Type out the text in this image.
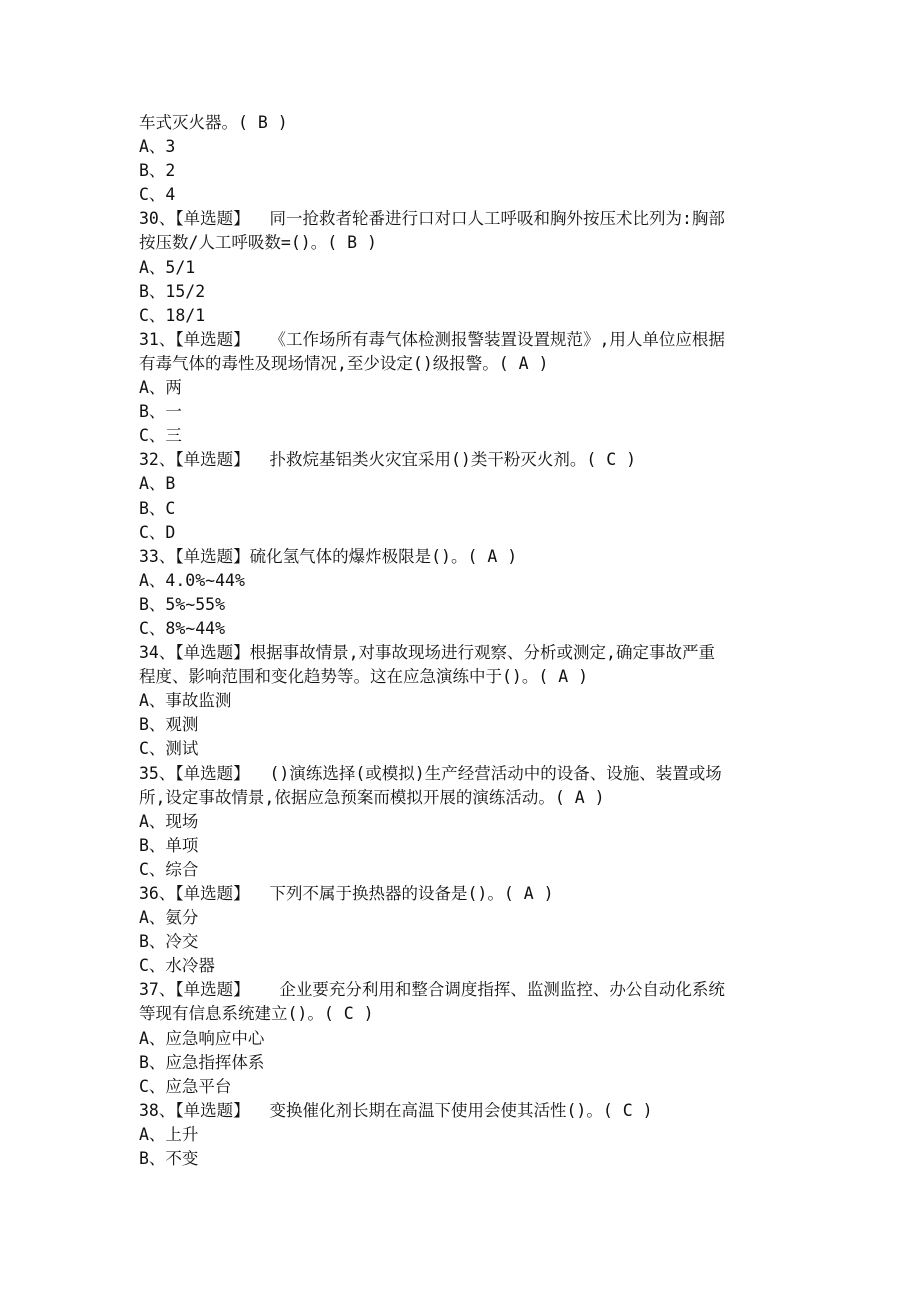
车式灭火器。( B )
A、3
B、2
C、4
30、【单选题】  同一抢救者轮番进行口对口人工呼吸和胸外按压术比列为:胸部
按压数/人工呼吸数=()。( B )
A、5/1
B、15/2
C、18/1
31、【单选题】  《工作场所有毒气体检测报警装置设置规范》,用人单位应根据
有毒气体的毒性及现场情况,至少设定()级报警。( A )
A、两
B、一
C、三
32、【单选题】  扑救烷基铝类火灾宜采用()类干粉灭火剂。( C )
A、B
B、C
C、D
33、【单选题】硫化氢气体的爆炸极限是()。( A )
A、4.0%~44%
B、5%~55%
C、8%~44%
34、【单选题】根据事故情景,对事故现场进行观察、分析或测定,确定事故严重
程度、影响范围和变化趋势等。这在应急演练中于()。( A )
A、事故监测
B、观测
C、测试
35、【单选题】  ()演练选择(或模拟)生产经营活动中的设备、设施、装置或场
所,设定事故情景,依据应急预案而模拟开展的演练活动。( A )
A、现场
B、单项
C、综合
36、【单选题】  下列不属于换热器的设备是()。( A )
A、氨分
B、冷交
C、水冷器
37、【单选题】   企业要充分利用和整合调度指挥、监测监控、办公自动化系统
等现有信息系统建立()。( C )
A、应急响应中心
B、应急指挥体系
C、应急平台
38、【单选题】  变换催化剂长期在高温下使用会使其活性()。( C )
A、上升
B、不变
